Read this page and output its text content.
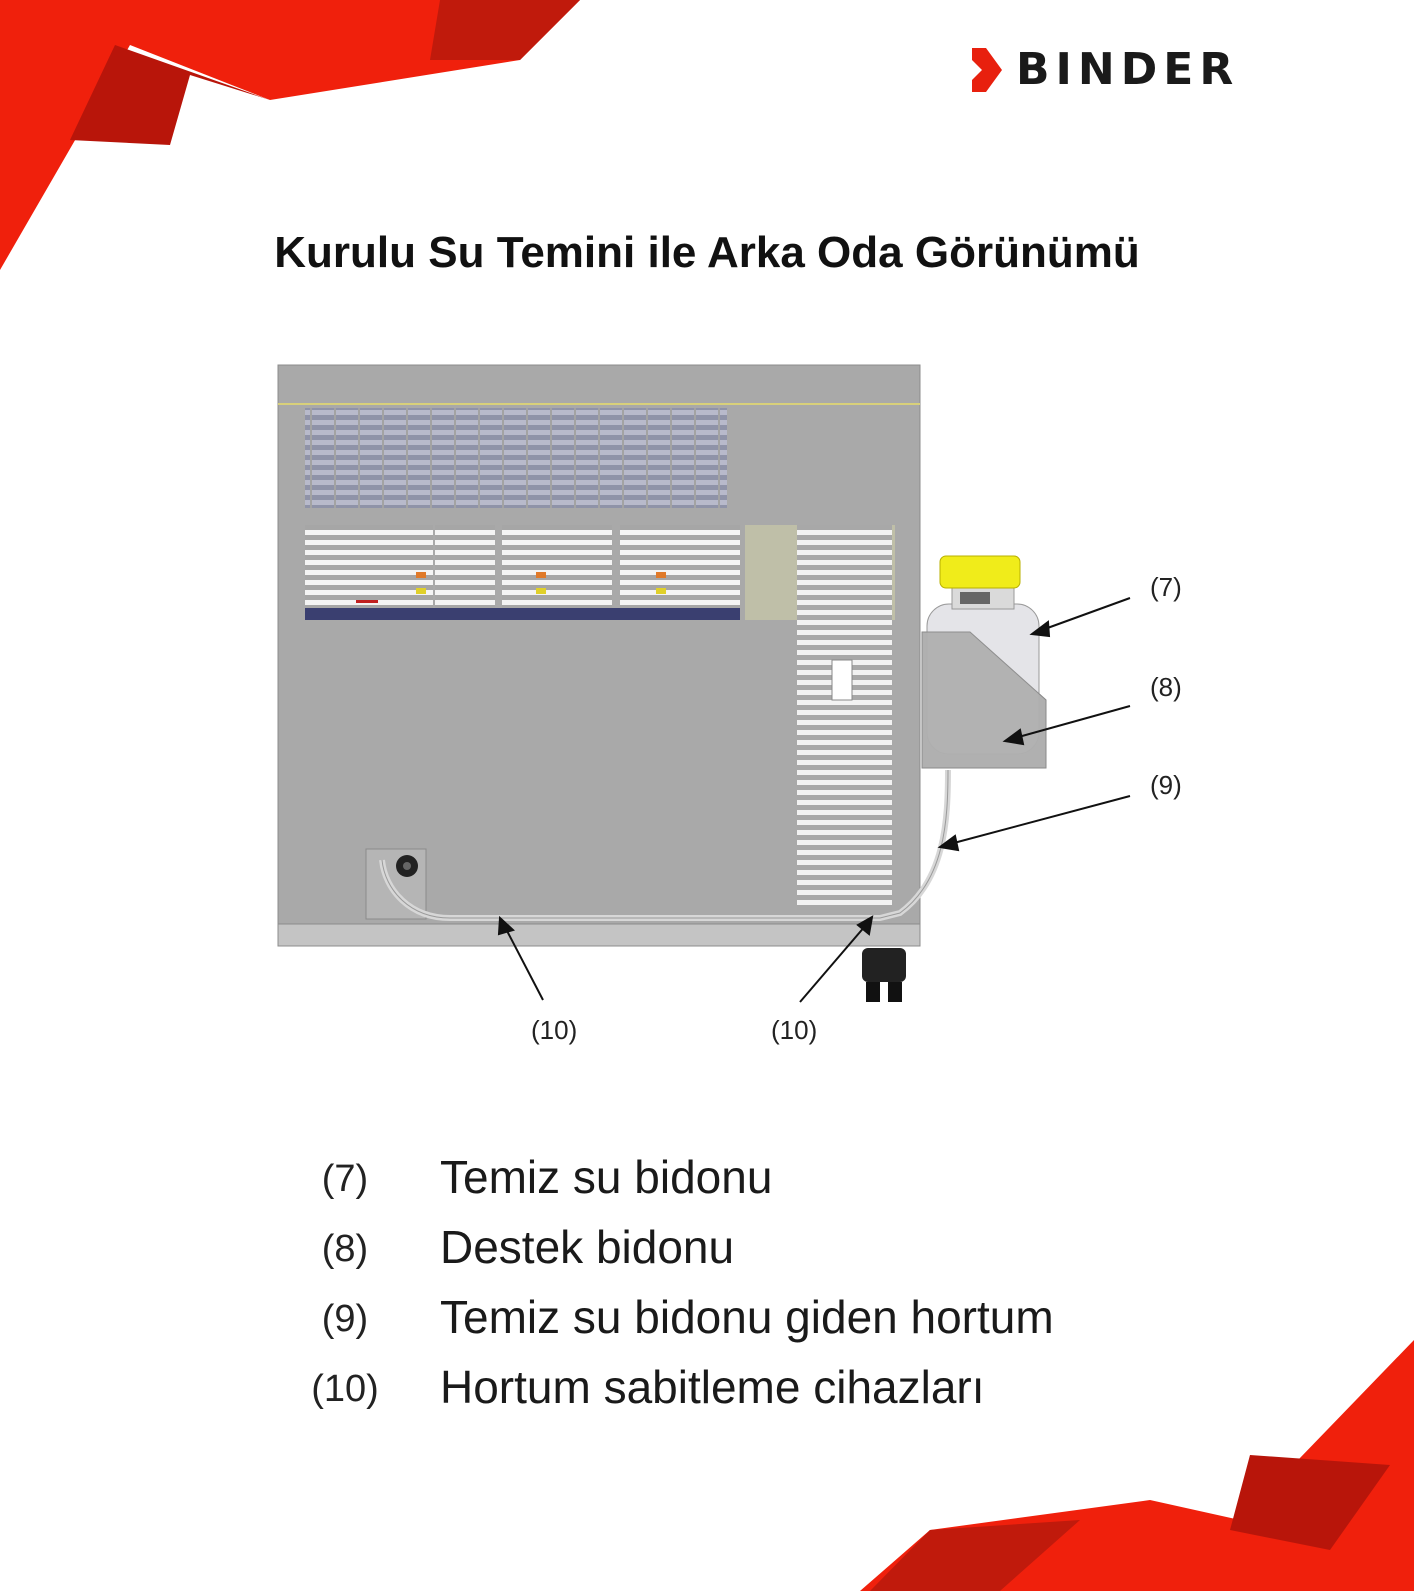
BINDER
Kurulu Su Temini ile Arka Oda Görünümü
(7)
(8)
(9)
(10)	(10)
(7)	Temiz su bidonu
(8)	Destek bidonu
(9)	Temiz su bidonu giden hortum
(10) Hortum sabitleme cihazları
